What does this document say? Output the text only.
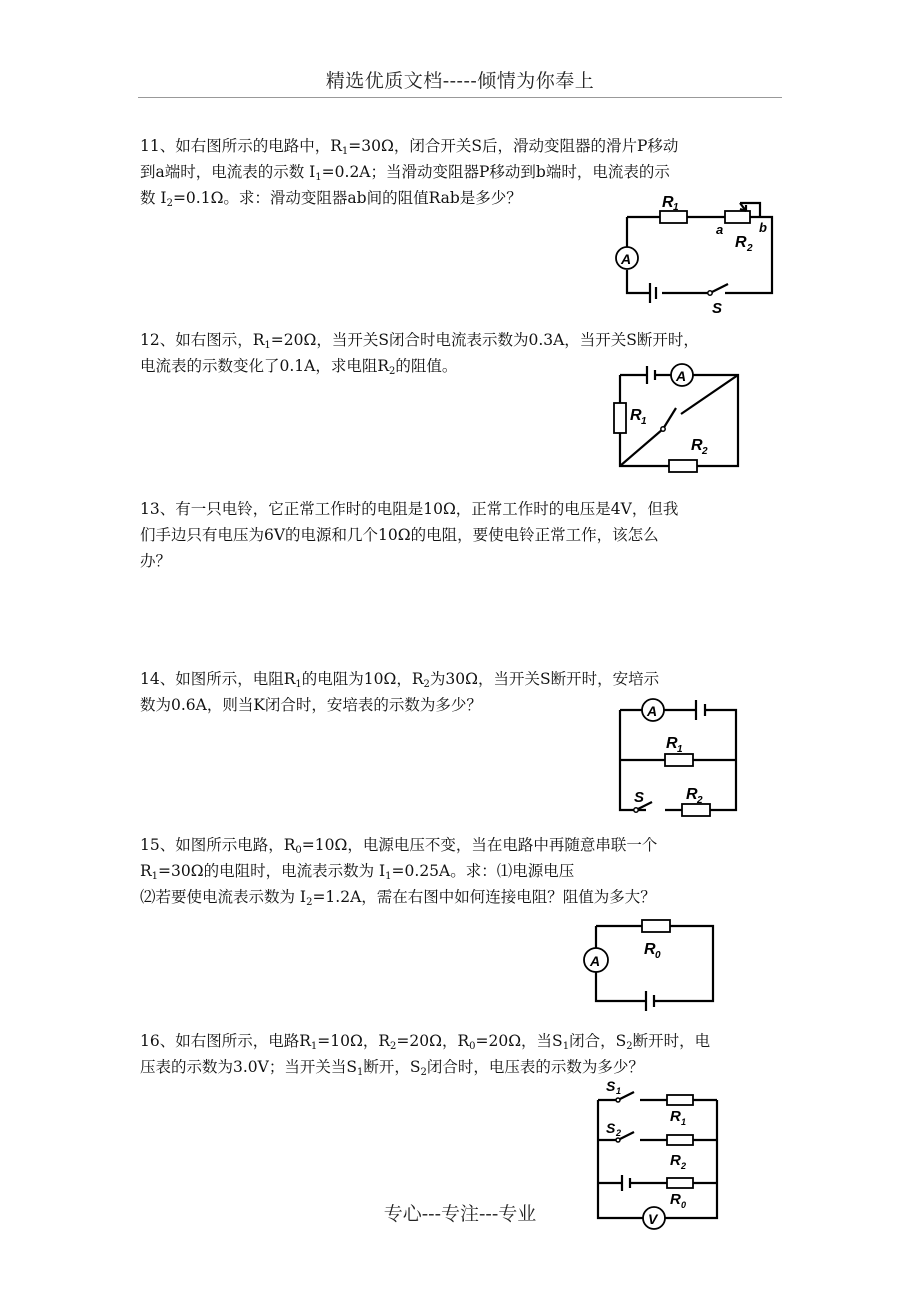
精选优质文档-----倾情为你奉上

11、如右图所示的电路中，$R_1=30\Omega$，闭合开关S后，滑动变阻器的滑片P移动

到a端时，电流表的示数 $I_1=0.2A$；当滑动变阻器P移动到b端时，电流表的示

数 $I_2=0.1\Omega$。求：滑动变阻器ab间的阻值Rab是多少？

A
R 1
R 2
a	b
S

12、如右图示，$R_1=20\Omega$，当开关S闭合时电流表示数为0.3A，当开关S断开时，

电流表的示数变化了0.1A，求电阻$R_2$的阻值。

A
R 1
R 2

13、有一只电铃，它正常工作时的电阻是10Ω，正常工作时的电压是4V，但我

们手边只有电压为6V的电源和几个10Ω的电阻，要使电铃正常工作，该怎么

办？

14、如图所示，电阻$R_1$的电阻为10Ω，$R_2$为30Ω，当开关S断开时，安培示

数为0.6A，则当K闭合时，安培表的示数为多少？	A
R 1
R 2
S

15、如图所示电路，$R_0=10\Omega$，电源电压不变，当在电路中再随意串联一个

$R_1=30\Omega$的电阻时，电流表示数为 $I_1=0.25A$。求：⑴电源电压

⑵若要使电流表示数为 $I_2=1.2A$，需在右图中如何连接电阻？阻值为多大？

A
R 0

16、如右图所示，电路$R_1=10\Omega$，$R_2=20\Omega$，$R_0=20\Omega$，当$S_1$闭合，$S_2$断开时，电

压表的示数为3.0V；当开关当$S_1$断开，$S_2$闭合时，电压表的示数为多少？

V
S 1
S 2
R 1
R 2
R 0
专心---专注---专业
